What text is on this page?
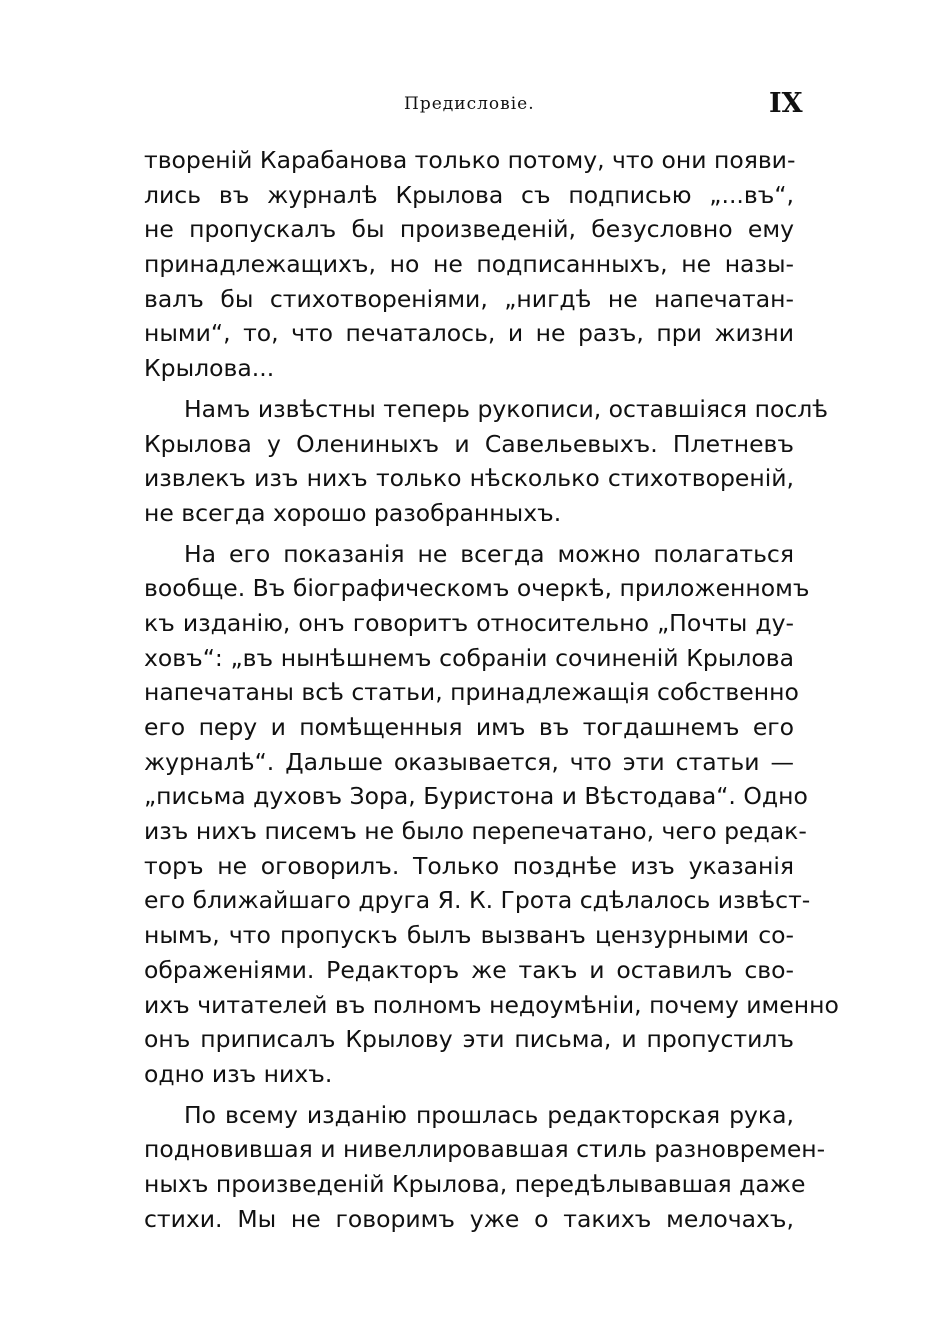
Предисловіе.	IX
твореній Карабанова только потому, что они появи-
лись въ журналѣ Крылова съ подписью „...въ“,
не пропускалъ бы произведеній, безусловно ему
принадлежащихъ, но не подписанныхъ, не назы-
валъ бы стихотвореніями, „нигдѣ не напечатан-
ными“, то, что печаталось, и не разъ, при жизни
Крылова...
Намъ извѣстны теперь рукописи, оставшіяся послѣ
Крылова у Олениныхъ и Савельевыхъ. Плетневъ
извлекъ изъ нихъ только нѣсколько стихотвореній,
не всегда хорошо разобранныхъ.
На его показанія не всегда можно полагаться
вообще. Въ біографическомъ очеркѣ, приложенномъ
къ изданію, онъ говоритъ относительно „Почты ду-
ховъ“: „въ нынѣшнемъ собраніи сочиненій Крылова
напечатаны всѣ статьи, принадлежащія собственно
его перу и помѣщенныя имъ въ тогдашнемъ его
журналѣ“. Дальше оказывается, что эти статьи —
„письма духовъ Зора, Буристона и Вѣстодава“. Одно
изъ нихъ писемъ не было перепечатано, чего редак-
торъ не оговорилъ. Только позднѣе изъ указанія
его ближайшаго друга Я. К. Грота сдѣлалось извѣст-
нымъ, что пропускъ былъ вызванъ цензурными со-
ображеніями. Редакторъ же такъ и оставилъ сво-
ихъ читателей въ полномъ недоумѣніи, почему именно
онъ приписалъ Крылову эти письма, и пропустилъ
одно изъ нихъ.
По всему изданію прошлась редакторская рука,
подновившая и нивеллировавшая стиль разновремен-
ныхъ произведеній Крылова, передѣлывавшая даже
стихи. Мы не говоримъ уже о такихъ мелочахъ,
